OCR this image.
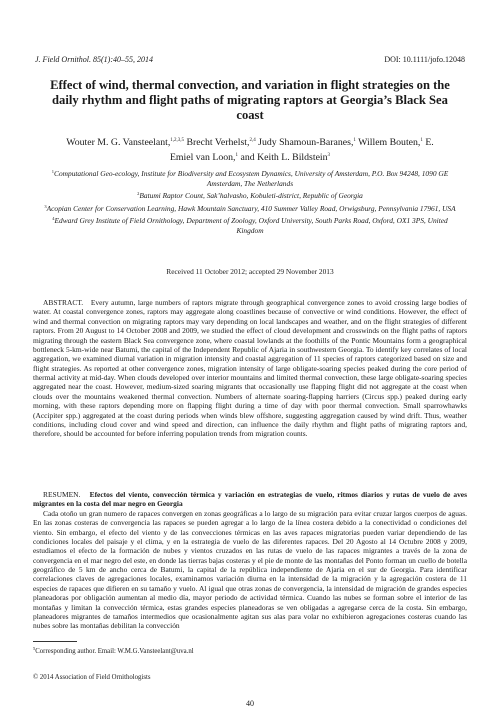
J. Field Ornithol. 85(1):40–55, 2014	DOI: 10.1111/jofo.12048
Effect of wind, thermal convection, and variation in flight strategies on the daily rhythm and flight paths of migrating raptors at Georgia’s Black Sea coast
Wouter M. G. Vansteelant,$^{1,2,3,5}$ Brecht Verhelst,$^{2,4}$ Judy Shamoun-Baranes,$^1$ Willem Bouten,$^1$ E. Emiel van Loon,$^1$ and Keith L. Bildstein$^3$

$^1$Computational Geo-ecology, Institute for Biodiversity and Ecosystem Dynamics, University of Amsterdam, P.O. Box 94248, 1090 GE Amsterdam, The Netherlands

$^2$Batumi Raptor Count, Sak’halvasho, Kobuleti-district, Republic of Georgia

$^3$Acopian Center for Conservation Learning, Hawk Mountain Sanctuary, 410 Summer Valley Road, Orwigsburg, Pennsylvania 17961, USA

$^4$Edward Grey Institute of Field Ornithology, Department of Zoology, Oxford University, South Parks Road, Oxford, OX1 3PS, United Kingdom

Received 11 October 2012; accepted 29 November 2013

ABSTRACT. Every autumn, large numbers of raptors migrate through geographical convergence zones to avoid crossing large bodies of water. At coastal convergence zones, raptors may aggregate along coastlines because of convective or wind conditions. However, the effect of wind and thermal convection on migrating raptors may vary depending on local landscapes and weather, and on the flight strategies of different raptors. From 20 August to 14 October 2008 and 2009, we studied the effect of cloud development and crosswinds on the flight paths of raptors migrating through the eastern Black Sea convergence zone, where coastal lowlands at the foothills of the Pontic Mountains form a geographical bottleneck 5-km-wide near Batumi, the capital of the Independent Republic of Ajaria in southwestern Georgia. To identify key correlates of local aggregation, we examined diurnal variation in migration intensity and coastal aggregation of 11 species of raptors categorized based on size and flight strategies. As reported at other convergence zones, migration intensity of large obligate-soaring species peaked during the core period of thermal activity at mid-day. When clouds developed over interior mountains and limited thermal convection, these large obligate-soaring species aggregated near the coast. However, medium-sized soaring migrants that occasionally use flapping flight did not aggregate at the coast when clouds over the mountains weakened thermal convection. Numbers of alternate soaring-flapping harriers (Circus spp.) peaked during early morning, with these raptors depending more on flapping flight during a time of day with poor thermal convection. Small sparrowhawks (Accipiter spp.) aggregated at the coast during periods when winds blew offshore, suggesting aggregation caused by wind drift. Thus, weather conditions, including cloud cover and wind speed and direction, can influence the daily rhythm and flight paths of migrating raptors and, therefore, should be accounted for before inferring population trends from migration counts.

RESUMEN. Efectos del viento, convección térmica y variación en estrategias de vuelo, ritmos diarios y rutas de vuelo de aves migrantes en la costa del mar negro en Georgia
Cada otoño un gran numero de rapaces convergen en zonas geográficas a lo largo de su migración para evitar cruzar largos cuerpos de aguas. En las zonas costeras de convergencia las rapaces se pueden agregar a lo largo de la línea costera debido a la conectividad o condiciones del viento. Sin embargo, el efecto del viento y de las convecciones térmicas en las aves rapaces migratorias pueden variar dependiendo de las condiciones locales del paisaje y el clima, y en la estrategia de vuelo de las diferentes rapaces. Del 20 Agosto al 14 Octubre 2008 y 2009, estudiamos el efecto de la formación de nubes y vientos cruzados en las rutas de vuelo de las rapaces migrantes a través de la zona de convergencia en el mar negro del este, en donde las tierras bajas costeras y el pie de monte de las montañas del Ponto forman un cuello de botella geográfico de 5 km de ancho cerca de Batumi, la capital de la república independiente de Ajaria en el sur de Georgia. Para identificar correlaciones claves de agregaciones locales, examinamos variación diurna en la intensidad de la migración y la agregación costera de 11 especies de rapaces que difieren en su tamaño y vuelo. Al igual que otras zonas de convergencia, la intensidad de migración de grandes especies planeadoras por obligación aumentan al medio día, mayor periodo de actividad térmica. Cuando las nubes se forman sobre el interior de las montañas y limitan la convección térmica, estas grandes especies planeadoras se ven obligadas a agregarse cerca de la costa. Sin embargo, planeadores migrantes de tamaños intermedios que ocasionalmente agitan sus alas para volar no exhibieron agregaciones costeras cuando las nubes sobre las montañas debilitan la convección

$^5$Corresponding author. Email: W.M.G.Vansteelant@uva.nl
© 2014 Association of Field Ornithologists
40
